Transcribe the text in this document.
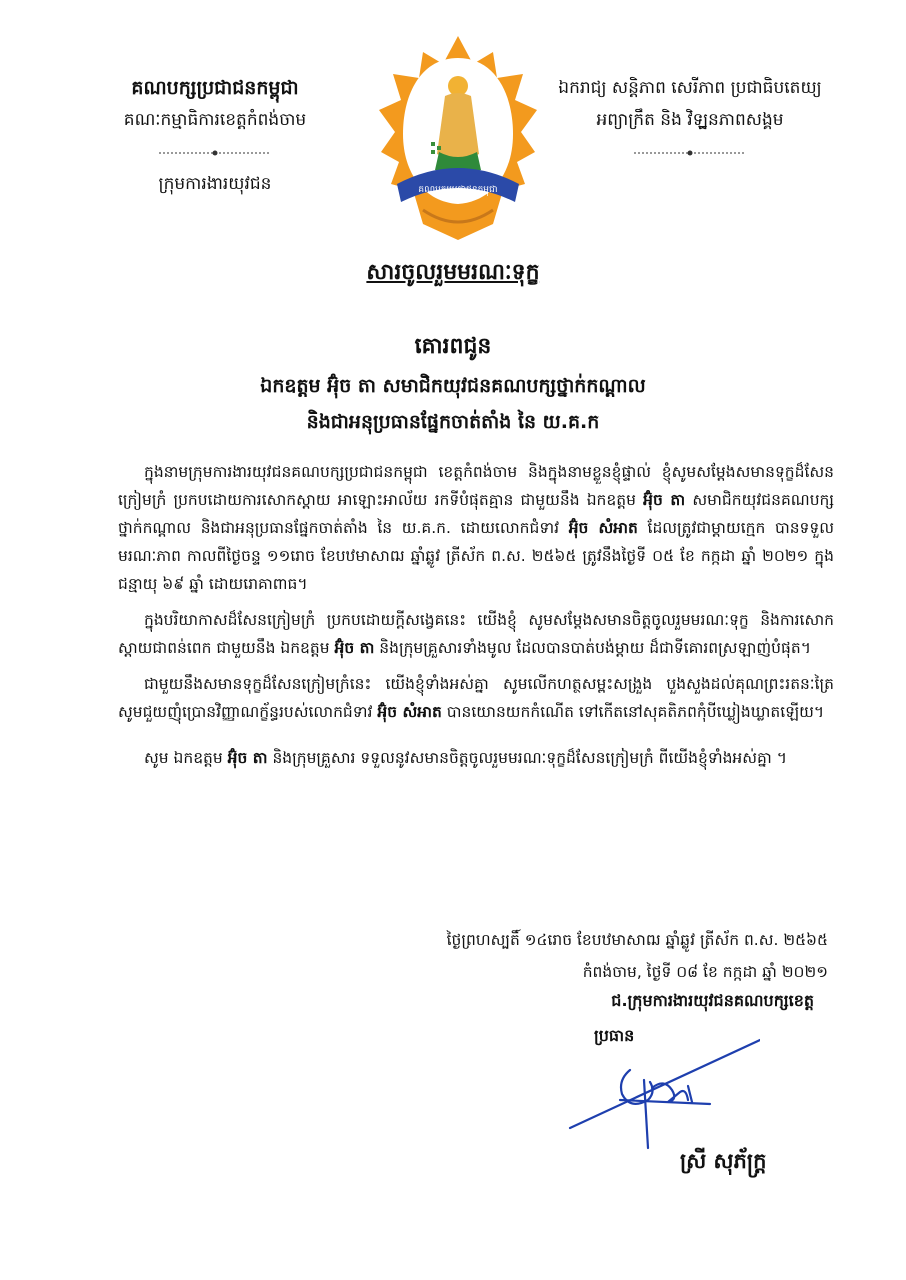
គណបក្សប្រជាជនកម្ពុជា
គណៈកម្មាធិការខេត្តកំពង់ចាម
ក្រុមការងារយុវជន	គណបក្សប្រជាជនកម្ពុជា
ឯករាជ្យ សន្តិភាព សេរីភាព ប្រជាធិបតេយ្យ
អព្យាក្រឹត និង វិឡ្ឋនភាពសង្គម
សារចូលរួមមរណៈទុក្ខ
គោរពជូន
ឯកឧត្តម អ៊ុំច តា សមាជិកយុវជនគណបក្សថ្នាក់កណ្តាល
និងជាអនុប្រធានផ្នែកចាត់តាំង នៃ យ.គ.ក

ក្នុងនាមក្រុមការងារយុវជនគណបក្សប្រជាជនកម្ពុជា ខេត្តកំពង់ចាម និងក្នុងនាមខ្លួនខ្ញុំផ្ទាល់ ខ្ញុំសូមសម្តែងសមានទុក្ខដ៏សែនក្រៀមក្រំ ប្រកបដោយការសោកស្តាយ អាឡោះអាល័យ រកទីបំផុតគ្មាន ជាមួយនឹង ឯកឧត្តម អ៊ុំច តា សមាជិកយុវជនគណបក្សថ្នាក់កណ្តាល និងជាអនុប្រធានផ្នែកចាត់តាំង នៃ យ.គ.ក. ដោយលោកជំទាវ អ៊ុំច សំអាត ដែលត្រូវជាម្តាយក្មេក បានទទួលមរណៈភាព កាលពីថ្ងៃចន្ទ ១១រោច ខែបឋមាសាឍ ឆ្នាំឆ្លូវ ត្រីស័ក ព.ស. ២៥៦៥ ត្រូវនឹងថ្ងៃទី ០៥ ខែ កក្កដា ឆ្នាំ ២០២១ ក្នុងជន្មាយុ ៦៩ ឆ្នាំ ដោយរោគាពាធ។

ក្នុងបរិយាកាសដ៏សែនក្រៀមក្រំ ប្រកបដោយក្តីសង្វេគនេះ យើងខ្ញុំ សូមសម្តែងសមានចិត្តចូលរួមមរណៈទុក្ខ និងការសោកស្តាយជាពន់ពេក ជាមួយនឹង ឯកឧត្តម អ៊ុំច តា និងក្រុមគ្រួសារទាំងមូល ដែលបានបាត់បង់ម្តាយ ដ៏ជាទីគោរពស្រឡាញ់បំផុត។

ជាមួយនឹងសមានទុក្ខដ៏សែនក្រៀមក្រំនេះ យើងខ្ញុំទាំងអស់គ្នា សូមលើកហត្ថសម្ពះសង្រួង បួងសួងដល់គុណព្រះរតនៈត្រៃ សូមជួយញុំប្រោនវិញ្ញាណក្ខ័ន្ធរបស់លោកជំទាវ អ៊ុំច សំអាត បានយោនយកកំណើត ទៅកើតនៅសុគតិភពកុំបីឃ្លៀងឃ្លាតឡើយ។

សូម ឯកឧត្តម អ៊ុំច តា និងក្រុមគ្រួសារ ទទួលនូវសមានចិត្តចូលរួមមរណៈទុក្ខដ៏សែនក្រៀមក្រំ ពីយើងខ្ញុំទាំងអស់គ្នា ។

ថ្ងៃព្រហស្បតិ៍ ១៤រោច ខែបឋមាសាឍ ឆ្នាំឆ្លូវ ត្រីស័ក ព.ស. ២៥៦៥
កំពង់ចាម, ថ្ងៃទី ០៨ ខែ កក្កដា ឆ្នាំ ២០២១
ជ.ក្រុមការងារយុវជនគណបក្សខេត្ត
ប្រធាន
ស្រី សុភ័ក្រ្ត
